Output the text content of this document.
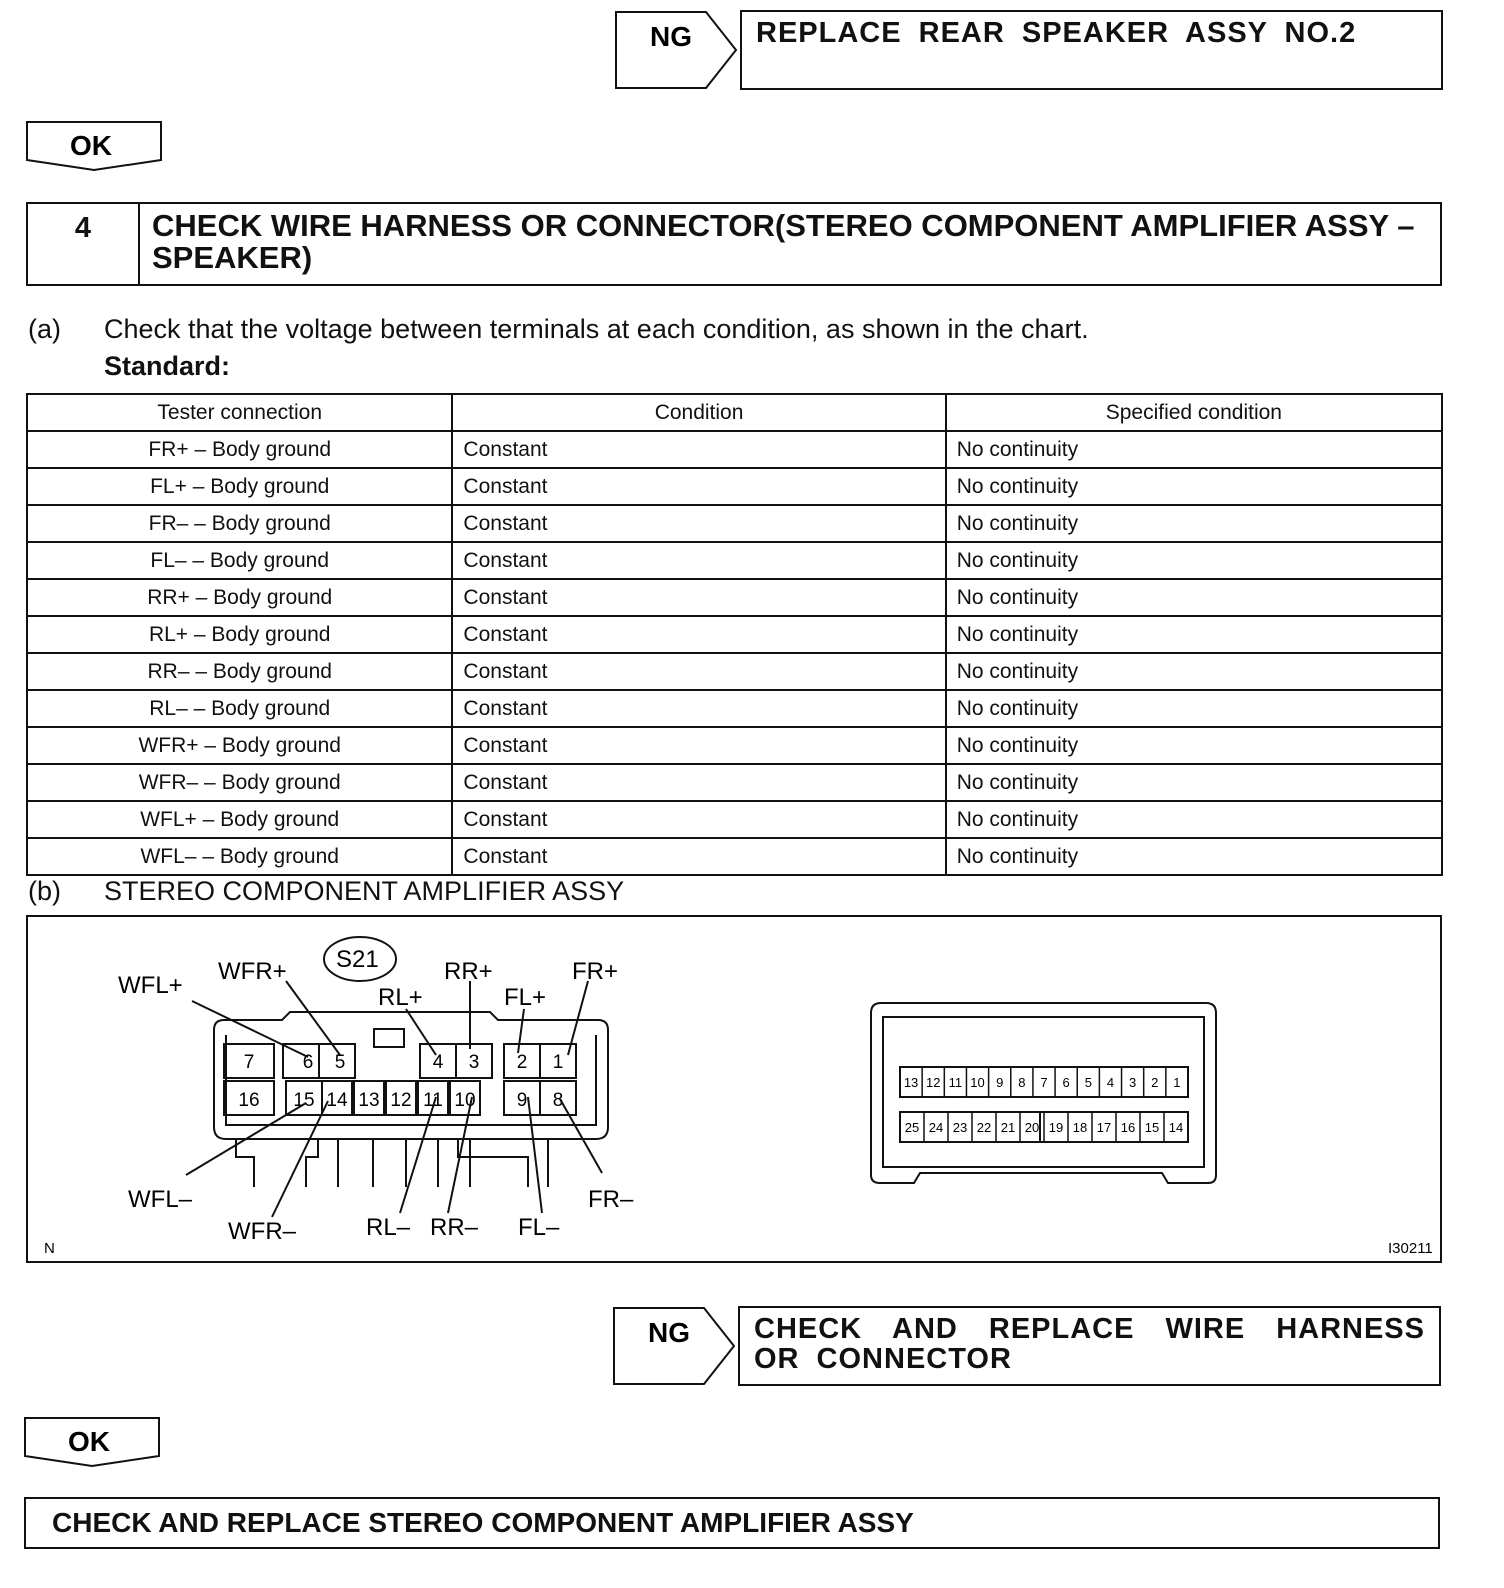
NG	REPLACE REAR SPEAKER ASSY NO.2
OK
4	CHECK WIRE HARNESS OR CONNECTOR(STEREO COMPONENT AMPLIFIER ASSY – SPEAKER)
(a) Check that the voltage between terminals at each condition, as shown in the chart.
Standard:
Tester connection	Condition	Specified condition
FR+ – Body ground	Constant	No continuity
FL+ – Body ground	Constant	No continuity
FR– – Body ground	Constant	No continuity
FL– – Body ground	Constant	No continuity
RR+ – Body ground	Constant	No continuity
RL+ – Body ground	Constant	No continuity
RR– – Body ground	Constant	No continuity
RL– – Body ground	Constant	No continuity
WFR+ – Body ground	Constant	No continuity
WFR– – Body ground	Constant	No continuity
WFL+ – Body ground	Constant	No continuity
WFL– – Body ground	Constant	No continuity
(b) STEREO COMPONENT AMPLIFIER ASSY
7	6 5	4 3 2 1
16 15 14 13 12 11 10 9 8
13 12 11 10 9 8 7 6 5 4 3 2 1
25 24 23 22 21 20 19 18 17 16 15 14
S21
WFL+
WFR+
RL+
RR+
FL+
FR+
WFL–
WFR–	RL– RR– FL–
FR–
N	I30211
NG	CHECK AND REPLACE WIRE HARNESS OR CONNECTOR
OK
CHECK AND REPLACE STEREO COMPONENT AMPLIFIER ASSY
